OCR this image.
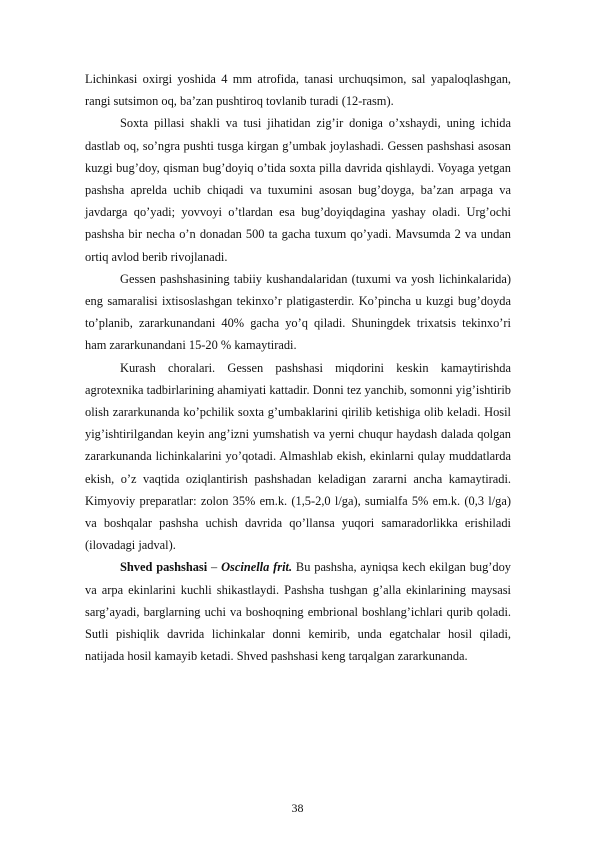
Lichinkasi oxirgi yoshida 4 mm atrofida, tanasi urchuqsimon, sal yapaloqlashgan, rangi sutsimon oq, ba’zan pushtiroq tovlanib turadi (12-rasm).

Soxta pillasi shakli va tusi jihatidan zig’ir doniga o’xshaydi, uning ichida dastlab oq, so’ngra pushti tusga kirgan g’umbak joylashadi. Gessen pashshasi asosan kuzgi bug’doy, qisman bug’doyiq o’tida soxta pilla davrida qishlaydi. Voyaga yetgan pashsha aprelda uchib chiqadi va tuxumini asosan bug’doyga, ba’zan arpaga va javdarga qo’yadi; yovvoyi o’tlardan esa bug’doyiqdagina yashay oladi. Urg’ochi pashsha bir necha o’n donadan 500 ta gacha tuxum qo’yadi. Mavsumda 2 va undan ortiq avlod berib rivojlanadi.

Gessen pashshasining tabiiy kushandalaridan (tuxumi va yosh lichinkalarida) eng samaralisi ixtisoslashgan tekinxo’r platigasterdir. Ko’pincha u kuzgi bug’doyda to’planib, zararkunandani 40% gacha yo’q qiladi. Shuningdek trixatsis tekinxo’ri ham zararkunandani 15-20 % kamaytiradi.

Kurash choralari. Gessen pashshasi miqdorini keskin kamaytirishda agrotexnika tadbirlarining ahamiyati kattadir. Donni tez yanchib, somonni yig’ishtirib olish zararkunanda ko’pchilik soxta g’umbaklarini qirilib ketishiga olib keladi. Hosil yig’ishtirilgandan keyin ang’izni yumshatish va yerni chuqur haydash dalada qolgan zararkunanda lichinkalarini yo’qotadi. Almashlab ekish, ekinlarni qulay muddatlarda ekish, o’z vaqtida oziqlantirish pashshadan keladigan zararni ancha kamaytiradi. Kimyoviy preparatlar: zolon 35% em.k. (1,5-2,0 l/ga), sumialfa 5% em.k. (0,3 l/ga) va boshqalar pashsha uchish davrida qo’llansa yuqori samaradorlikka erishiladi (ilovadagi jadval).

Shved pashshasi – Oscinella frit. Bu pashsha, ayniqsa kech ekilgan bug’doy va arpa ekinlarini kuchli shikastlaydi. Pashsha tushgan g’alla ekinlarining maysasi sarg’ayadi, barglarning uchi va boshoqning embrional boshlang’ichlari qurib qoladi. Sutli pishiqlik davrida lichinkalar donni kemirib, unda egatchalar hosil qiladi, natijada hosil kamayib ketadi. Shved pashshasi keng tarqalgan zararkunanda.

38
